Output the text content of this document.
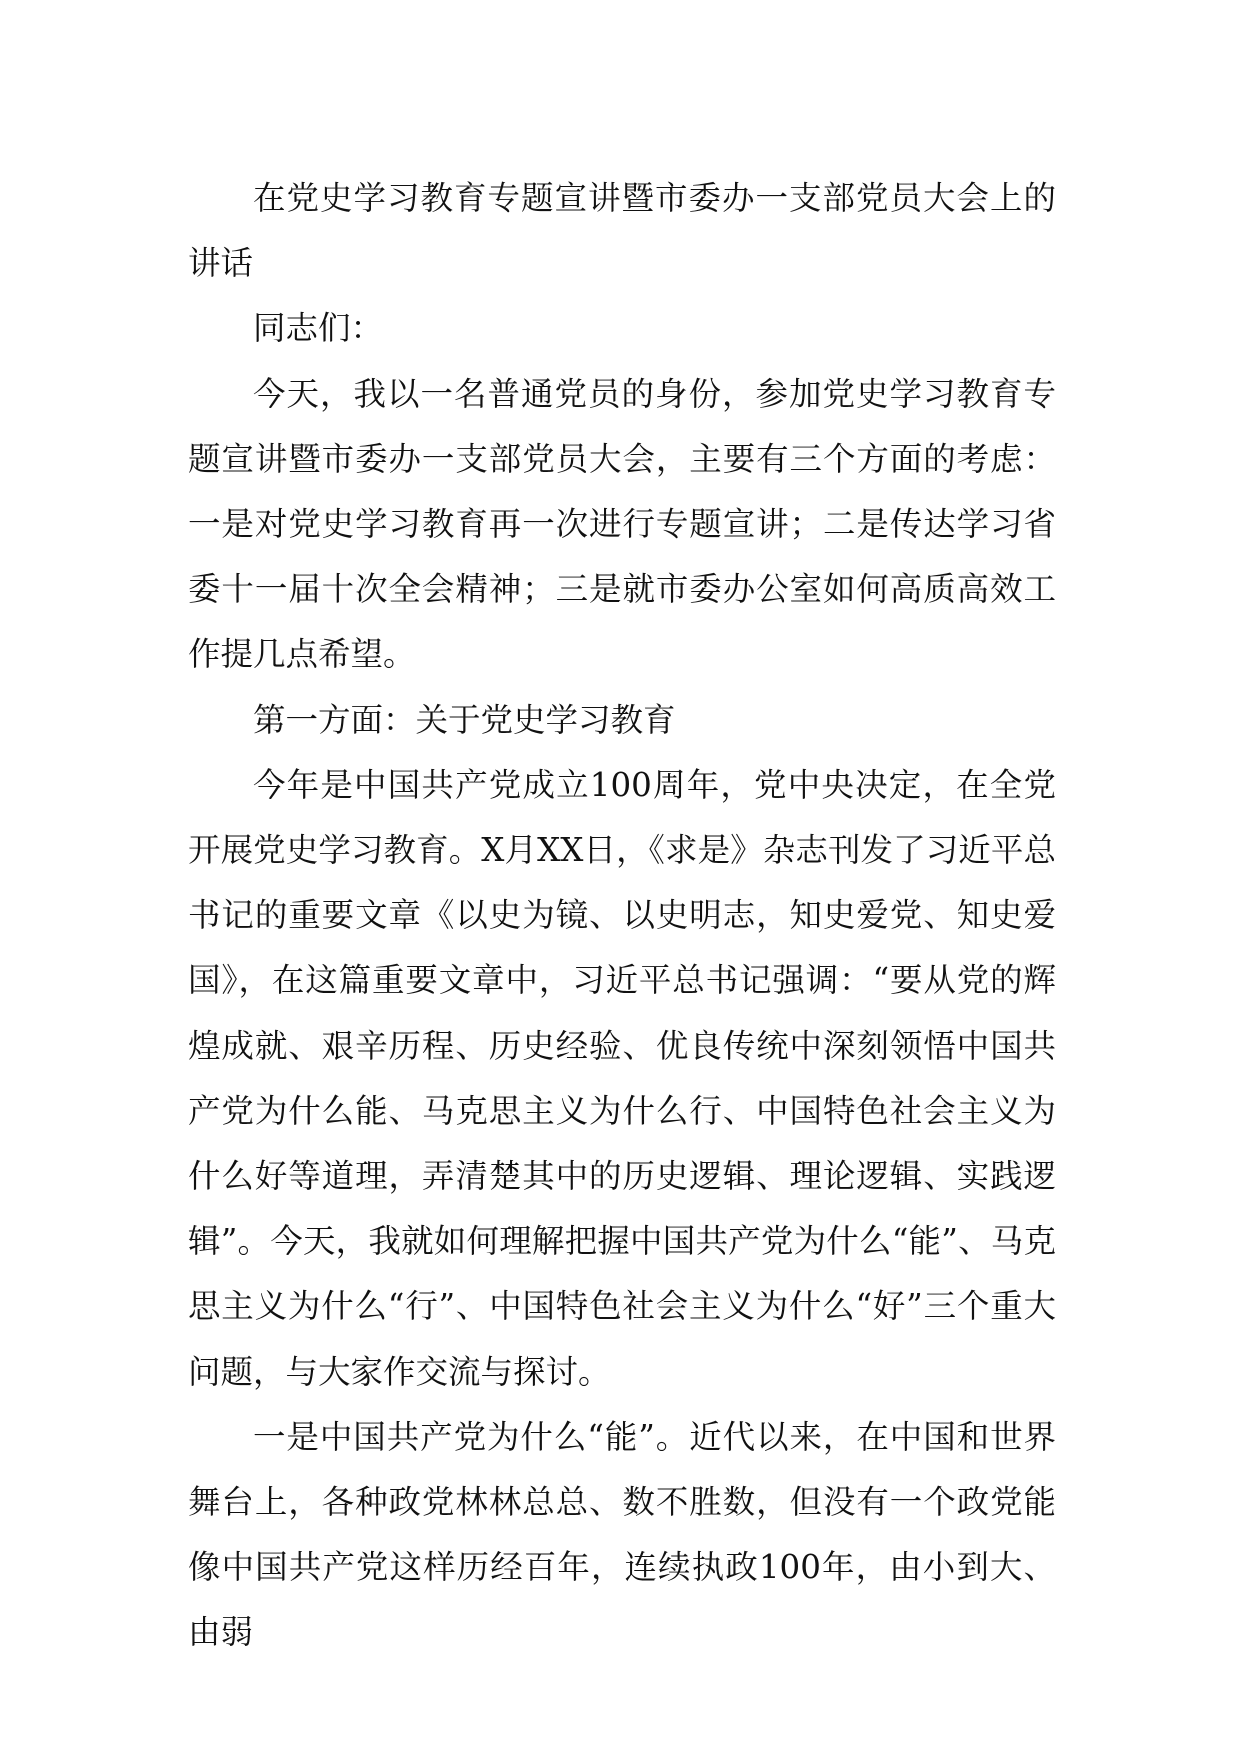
在党史学习教育专题宣讲暨市委办一支部党员大会上的讲话

同志们：

今天，我以一名普通党员的身份，参加党史学习教育专题宣讲暨市委办一支部党员大会，主要有三个方面的考虑：一是对党史学习教育再一次进行专题宣讲；二是传达学习省委十一届十次全会精神；三是就市委办公室如何高质高效工作提几点希望。

第一方面：关于党史学习教育

今年是中国共产党成立100周年，党中央决定，在全党开展党史学习教育。X月XX日，《求是》杂志刊发了习近平总书记的重要文章《以史为镜、以史明志，知史爱党、知史爱国》，在这篇重要文章中，习近平总书记强调：“要从党的辉煌成就、艰辛历程、历史经验、优良传统中深刻领悟中国共产党为什么能、马克思主义为什么行、中国特色社会主义为什么好等道理，弄清楚其中的历史逻辑、理论逻辑、实践逻辑”。今天，我就如何理解把握中国共产党为什么“能”、马克思主义为什么“行”、中国特色社会主义为什么“好”三个重大问题，与大家作交流与探讨。

一是中国共产党为什么“能”。近代以来，在中国和世界舞台上，各种政党林林总总、数不胜数，但没有一个政党能像中国共产党这样历经百年，连续执政100年，由小到大、由弱
